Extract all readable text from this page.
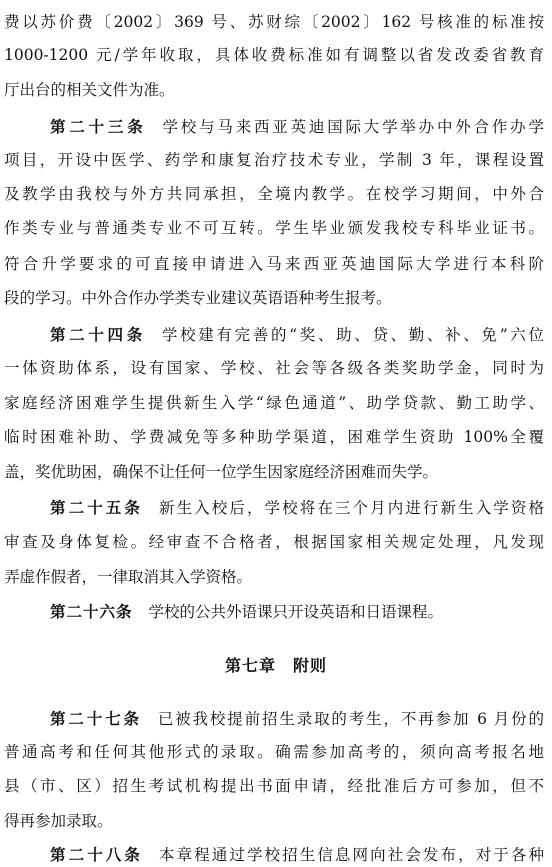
费以苏价费〔2002〕369 号、苏财综〔2002〕162 号核准的标准按
1000-1200 元/学年收取，具体收费标准如有调整以省发改委省教育
厅出台的相关文件为准。
第二十三条 学校与马来西亚英迪国际大学举办中外合作办学
项目，开设中医学、药学和康复治疗技术专业，学制 3 年，课程设置
及教学由我校与外方共同承担，全境内教学。在校学习期间，中外合
作类专业与普通类专业不可互转。学生毕业颁发我校专科毕业证书。
符合升学要求的可直接申请进入马来西亚英迪国际大学进行本科阶
段的学习。中外合作办学类专业建议英语语种考生报考。
第二十四条 学校建有完善的“奖、助、贷、勤、补、免”六位
一体资助体系，设有国家、学校、社会等各级各类奖助学金，同时为
家庭经济困难学生提供新生入学“绿色通道”、助学贷款、勤工助学、
临时困难补助、学费减免等多种助学渠道，困难学生资助 100%全覆
盖，奖优助困，确保不让任何一位学生因家庭经济困难而失学。
第二十五条 新生入校后，学校将在三个月内进行新生入学资格
审查及身体复检。经审查不合格者，根据国家相关规定处理，凡发现
弄虚作假者，一律取消其入学资格。
第二十六条 学校的公共外语课只开设英语和日语课程。
第七章　附则
第二十七条 已被我校提前招生录取的考生，不再参加 6 月份的
普通高考和任何其他形式的录取。确需参加高考的，须向高考报名地
县（市、区）招生考试机构提出书面申请，经批准后方可参加，但不
得再参加录取。
第二十八条 本章程通过学校招生信息网向社会发布，对于各种
